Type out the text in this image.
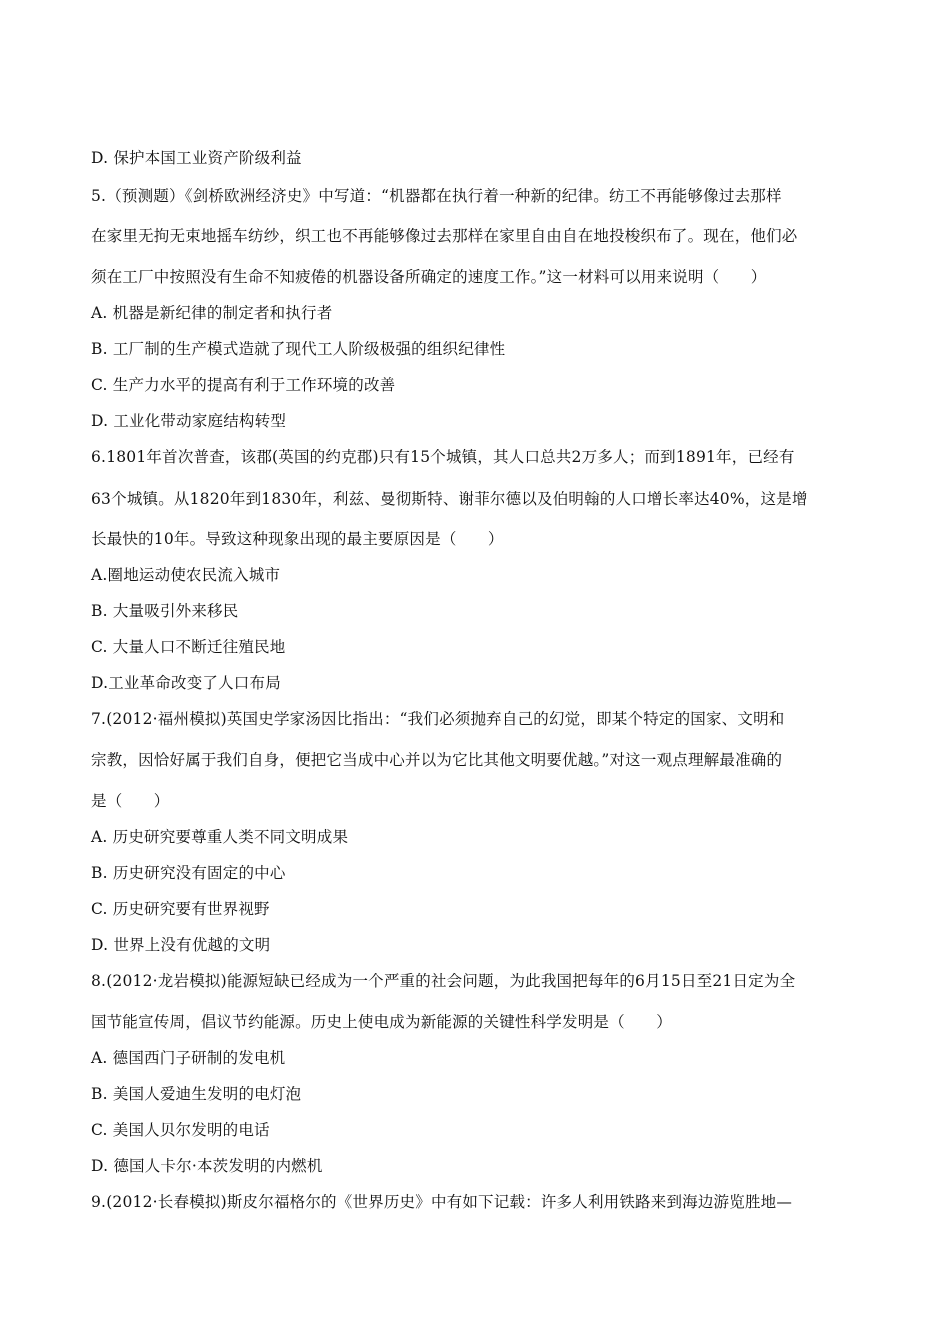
D. 保护本国工业资产阶级利益
5.（预测题）《剑桥欧洲经济史》中写道：“机器都在执行着一种新的纪律。纺工不再能够像过去那样
在家里无拘无束地摇车纺纱，织工也不再能够像过去那样在家里自由自在地投梭织布了。现在，他们必
须在工厂中按照没有生命不知疲倦的机器设备所确定的速度工作。”这一材料可以用来说明（　　）
A. 机器是新纪律的制定者和执行者
B. 工厂制的生产模式造就了现代工人阶级极强的组织纪律性
C. 生产力水平的提高有利于工作环境的改善
D. 工业化带动家庭结构转型
6.1801年首次普查，该郡(英国的约克郡)只有15个城镇，其人口总共2万多人；而到1891年，已经有
63个城镇。从1820年到1830年，利兹、曼彻斯特、谢菲尔德以及伯明翰的人口增长率达40%，这是增
长最快的10年。导致这种现象出现的最主要原因是（　　）
A.圈地运动使农民流入城市
B. 大量吸引外来移民
C. 大量人口不断迁往殖民地
D.工业革命改变了人口布局
7.(2012·福州模拟)英国史学家汤因比指出：“我们必须抛弃自己的幻觉，即某个特定的国家、文明和
宗教，因恰好属于我们自身，便把它当成中心并以为它比其他文明要优越。”对这一观点理解最准确的
是（　　）
A. 历史研究要尊重人类不同文明成果
B. 历史研究没有固定的中心
C. 历史研究要有世界视野
D. 世界上没有优越的文明
8.(2012·龙岩模拟)能源短缺已经成为一个严重的社会问题，为此我国把每年的6月15日至21日定为全
国节能宣传周，倡议节约能源。历史上使电成为新能源的关键性科学发明是（　　）
A. 德国西门子研制的发电机
B. 美国人爱迪生发明的电灯泡
C. 美国人贝尔发明的电话
D. 德国人卡尔·本茨发明的内燃机
9.(2012·长春模拟)斯皮尔福格尔的《世界历史》中有如下记载：许多人利用铁路来到海边游览胜地—
